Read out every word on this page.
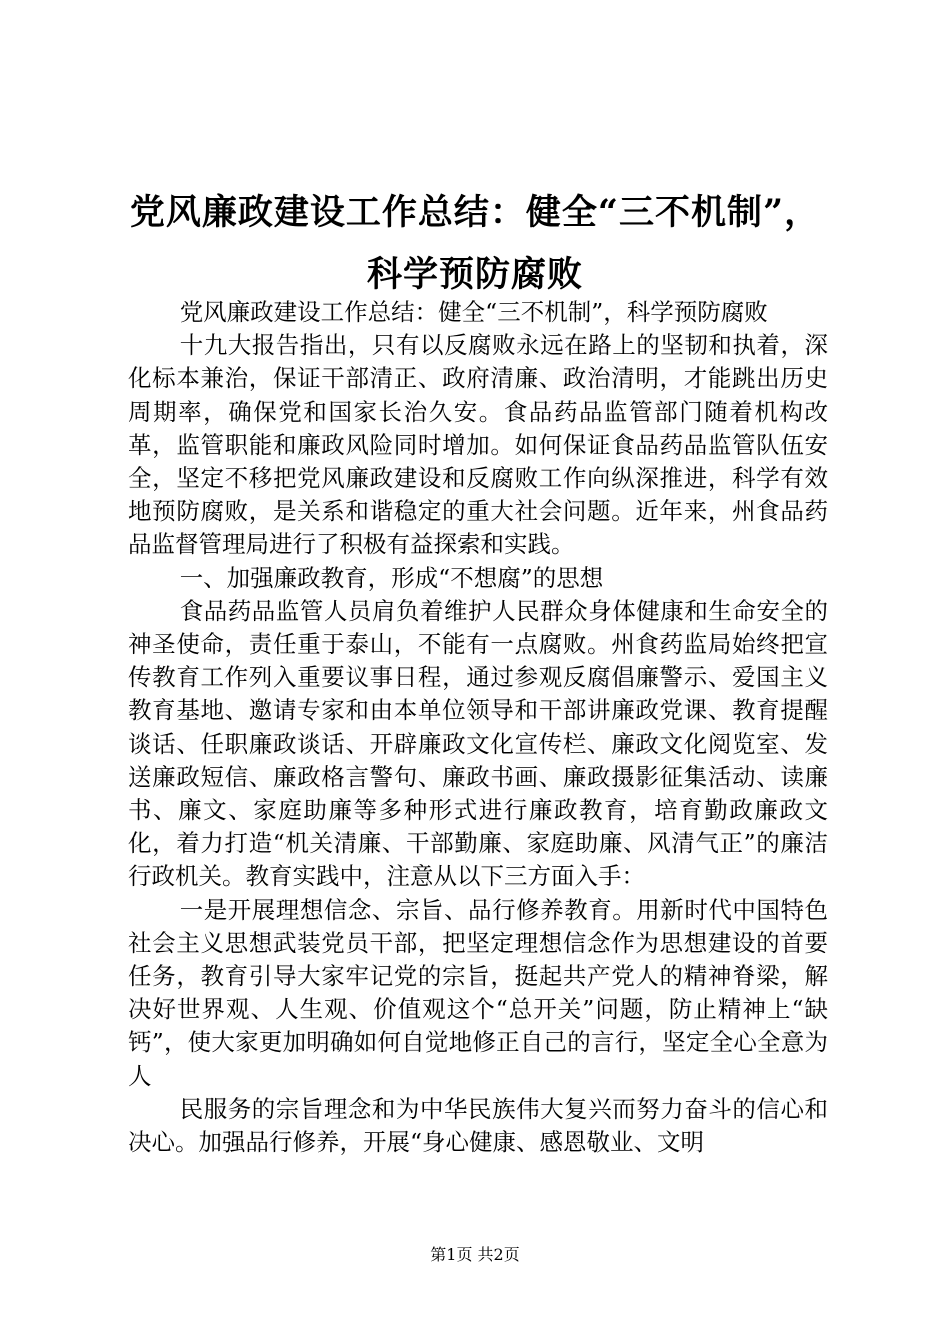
党风廉政建设工作总结：健全“三不机制”，
科学预防腐败

党风廉政建设工作总结：健全“三不机制”，科学预防腐败

十九大报告指出，只有以反腐败永远在路上的坚韧和执着，深化标本兼治，保证干部清正、政府清廉、政治清明，才能跳出历史周期率，确保党和国家长治久安。食品药品监管部门随着机构改革，监管职能和廉政风险同时增加。如何保证食品药品监管队伍安全，坚定不移把党风廉政建设和反腐败工作向纵深推进，科学有效地预防腐败，是关系和谐稳定的重大社会问题。近年来，州食品药品监督管理局进行了积极有益探索和实践。

一、加强廉政教育，形成“不想腐”的思想

食品药品监管人员肩负着维护人民群众身体健康和生命安全的神圣使命，责任重于泰山，不能有一点腐败。州食药监局始终把宣传教育工作列入重要议事日程，通过参观反腐倡廉警示、爱国主义教育基地、邀请专家和由本单位领导和干部讲廉政党课、教育提醒谈话、任职廉政谈话、开辟廉政文化宣传栏、廉政文化阅览室、发送廉政短信、廉政格言警句、廉政书画、廉政摄影征集活动、读廉书、廉文、家庭助廉等多种形式进行廉政教育，培育勤政廉政文化，着力打造“机关清廉、干部勤廉、家庭助廉、风清气正”的廉洁行政机关。教育实践中，注意从以下三方面入手：

一是开展理想信念、宗旨、品行修养教育。用新时代中国特色社会主义思想武装党员干部，把坚定理想信念作为思想建设的首要任务，教育引导大家牢记党的宗旨，挺起共产党人的精神脊梁，解决好世界观、人生观、价值观这个“总开关”问题，防止精神上“缺钙”，使大家更加明确如何自觉地修正自己的言行，坚定全心全意为人

民服务的宗旨理念和为中华民族伟大复兴而努力奋斗的信心和决心。加强品行修养，开展“身心健康、感恩敬业、文明

第1页 共2页
